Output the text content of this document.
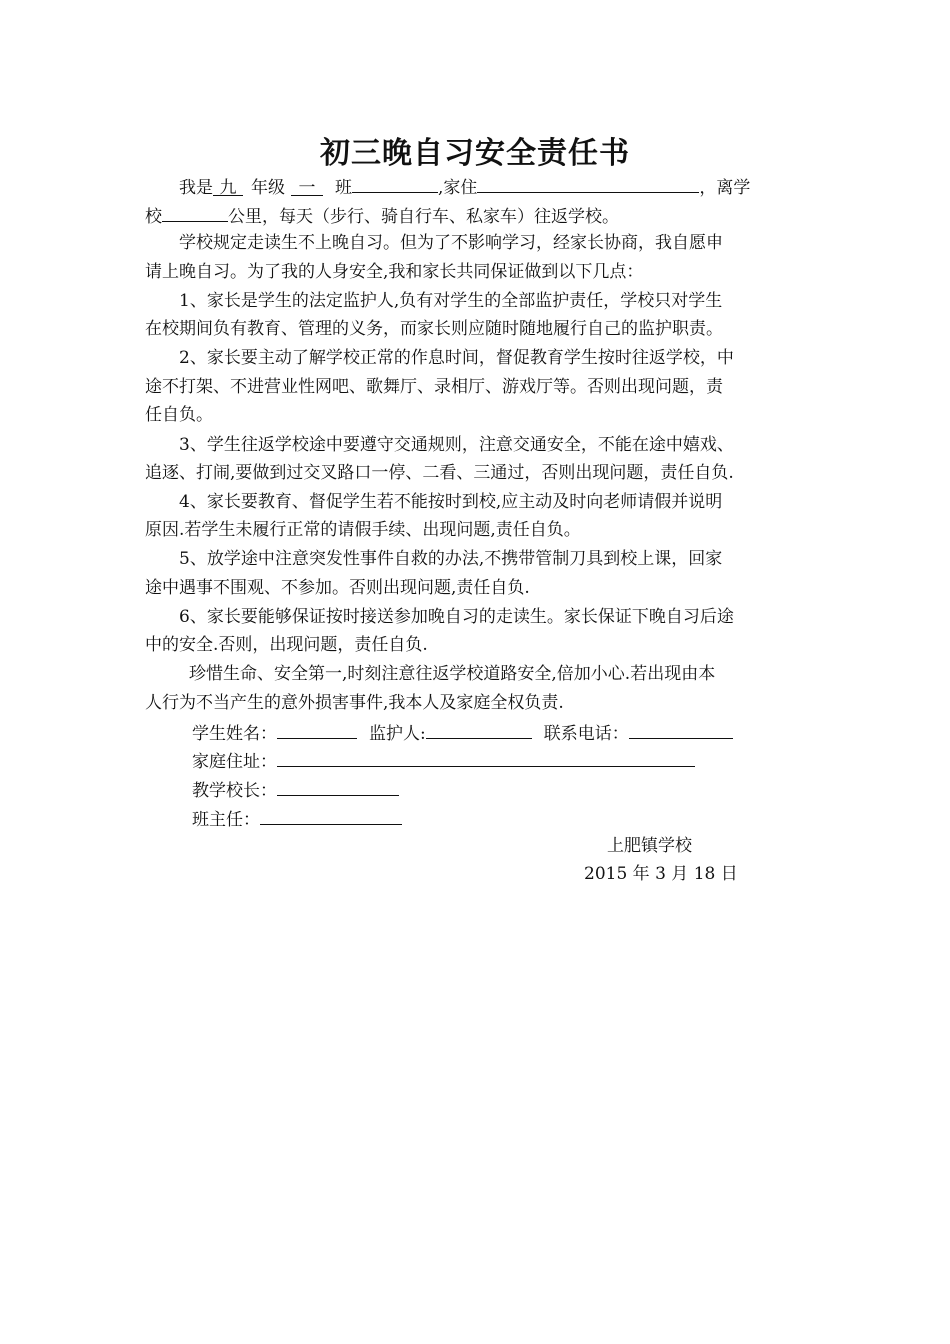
初三晚自习安全责任书
我是 九 年级 一 班	,家住	，离学
校	公里，每天（步行、骑自行车、私家车）往返学校。
学校规定走读生不上晚自习。但为了不影响学习，经家长协商，我自愿申
请上晚自习。为了我的人身安全,我和家长共同保证做到以下几点：
1、家长是学生的法定监护人,负有对学生的全部监护责任，学校只对学生
在校期间负有教育、管理的义务，而家长则应随时随地履行自己的监护职责。
2、家长要主动了解学校正常的作息时间，督促教育学生按时往返学校，中
途不打架、不进营业性网吧、歌舞厅、录相厅、游戏厅等。否则出现问题，责
任自负。
3、学生往返学校途中要遵守交通规则，注意交通安全，不能在途中嬉戏、
追逐、打闹,要做到过交叉路口一停、二看、三通过，否则出现问题，责任自负.
4、家长要教育、督促学生若不能按时到校,应主动及时向老师请假并说明
原因.若学生未履行正常的请假手续、出现问题,责任自负。
5、放学途中注意突发性事件自救的办法,不携带管制刀具到校上课，回家
途中遇事不围观、不参加。否则出现问题,责任自负.
6、家长要能够保证按时接送参加晚自习的走读生。家长保证下晚自习后途
中的安全.否则，出现问题，责任自负.
珍惜生命、安全第一,时刻注意往返学校道路安全,倍加小心.若出现由本
人行为不当产生的意外损害事件,我本人及家庭全权负责.
学生姓名：	监护人:	联系电话：
家庭住址：
教学校长：
班主任：
上肥镇学校
2015 年 3 月 18 日
